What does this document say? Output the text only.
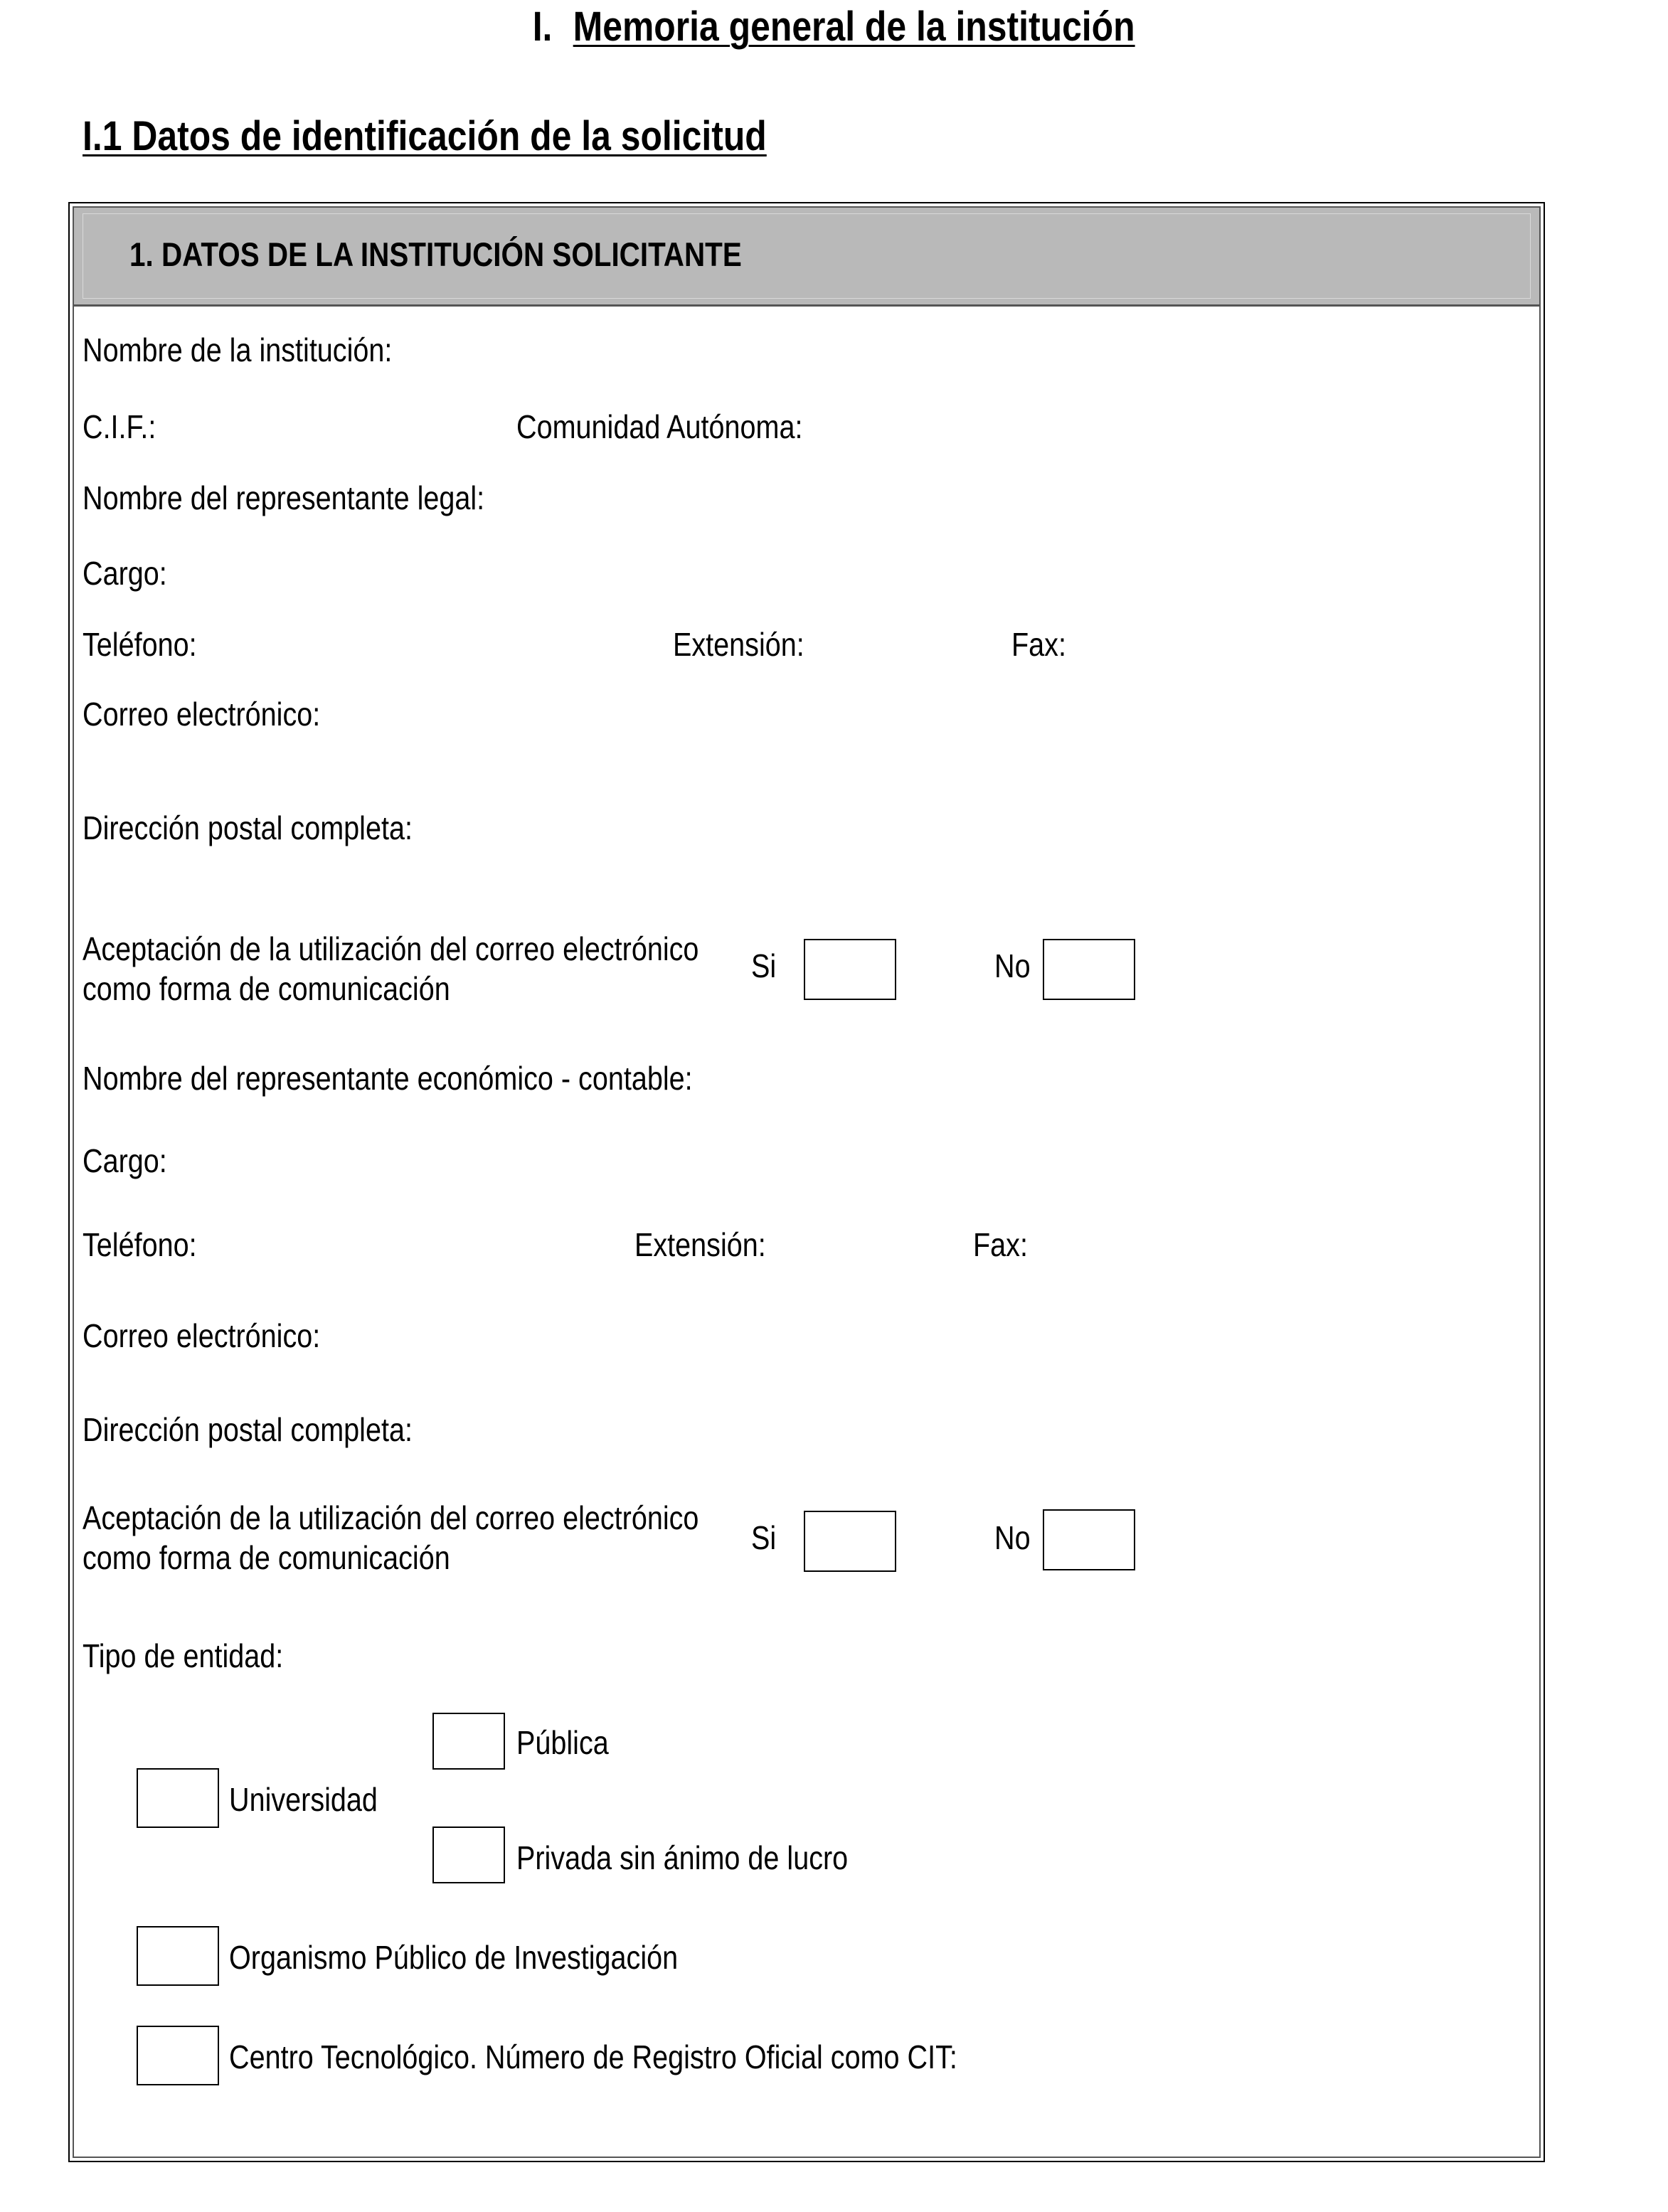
I. Memoria general de la institución
I.1 Datos de identificación de la solicitud
1. DATOS DE LA INSTITUCIÓN SOLICITANTE
Nombre de la institución:
C.I.F.:	Comunidad Autónoma:
Nombre del representante legal:
Cargo:
Teléfono:	Extensión:	Fax:
Correo electrónico:
Dirección postal completa:
Aceptación de la utilización del correo electrónico
como forma de comunicación
Si	No
Nombre del representante económico - contable:
Cargo:
Teléfono:	Extensión:	Fax:
Correo electrónico:
Dirección postal completa:
Aceptación de la utilización del correo electrónico
como forma de comunicación
Si	No
Tipo de entidad:
Pública
Universidad
Privada sin ánimo de lucro
Organismo Público de Investigación
Centro Tecnológico. Número de Registro Oficial como CIT:
